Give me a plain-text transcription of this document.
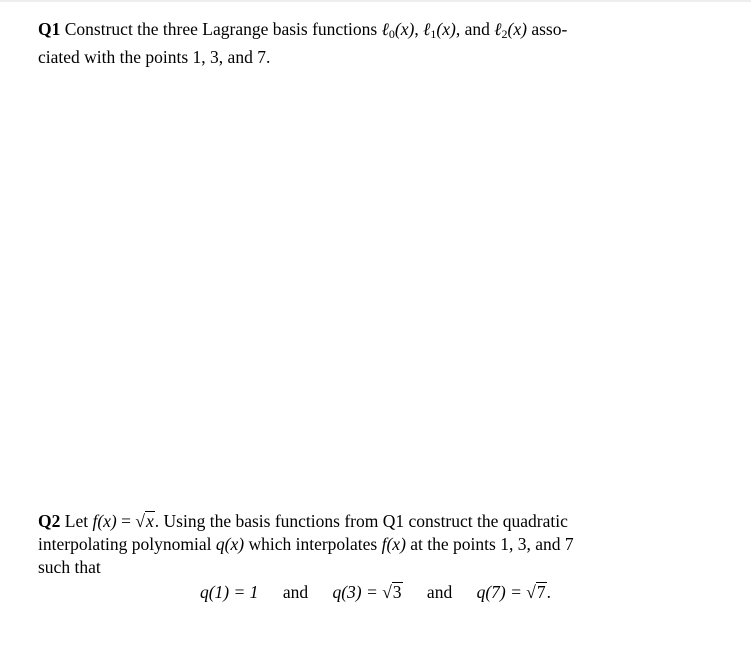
Q1 Construct the three Lagrange basis functions ℓ$_0$(x), ℓ$_1$(x), and ℓ$_2$(x) asso-
ciated with the points 1, 3, and 7.
Q2 Let f(x) = √x. Using the basis functions from Q1 construct the quadratic
interpolating polynomial q(x) which interpolates f(x) at the points 1, 3, and 7
such that
q(1) = 1 and q(3) = √3 and q(7) = √7.
